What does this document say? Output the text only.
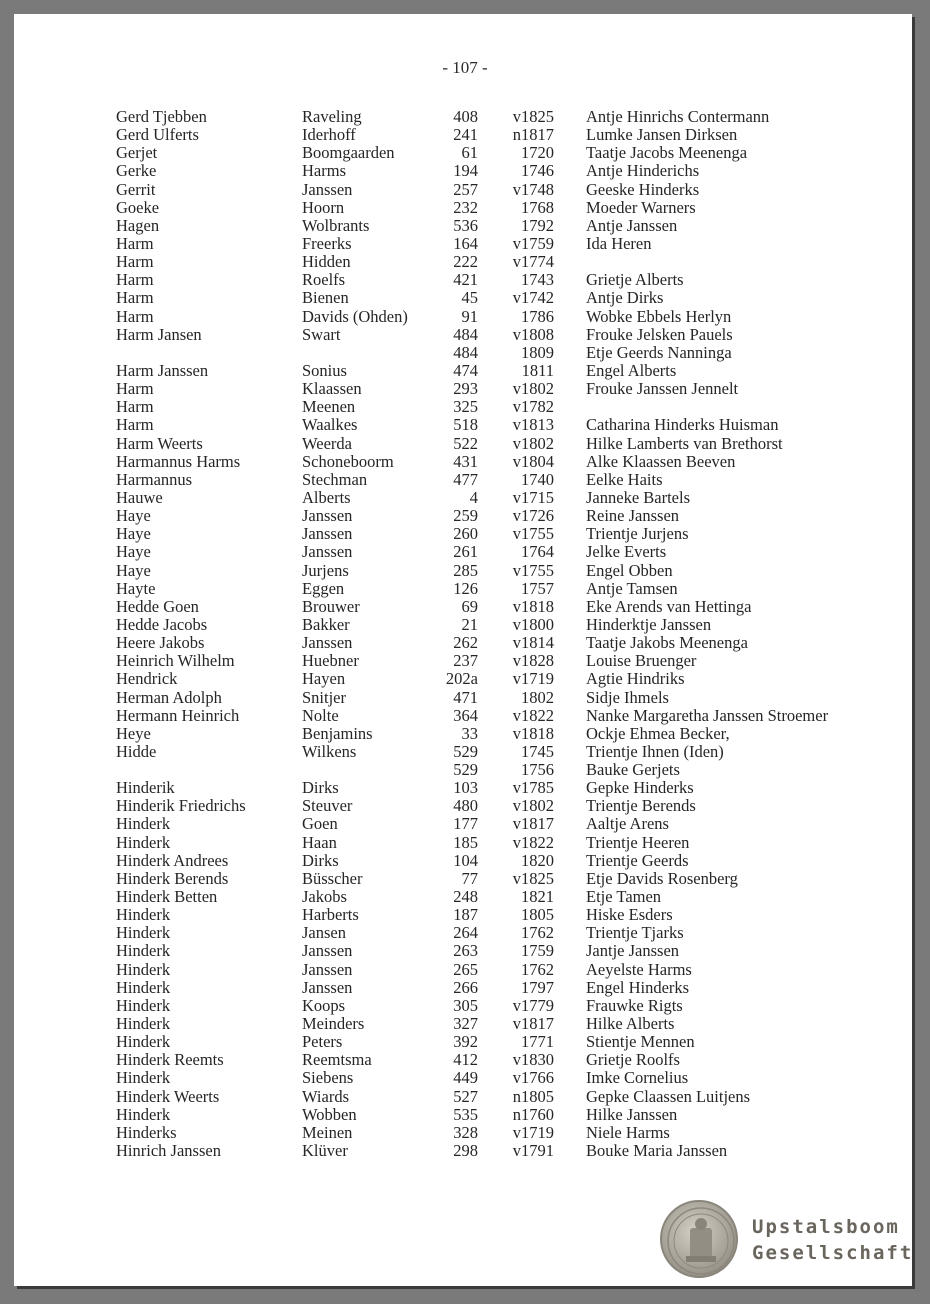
- 107 -
Gerd Tjebben	Raveling	408	v1825 Antje Hinrichs Contermann
Gerd Ulferts	Iderhoff	241	n1817 Lumke Jansen Dirksen
Gerjet	Boomgaarden	61	1720 Taatje Jacobs Meenenga
Gerke	Harms	194	1746 Antje Hinderichs
Gerrit	Janssen	257	v1748 Geeske Hinderks
Goeke	Hoorn	232	1768 Moeder Warners
Hagen	Wolbrants	536	1792 Antje Janssen
Harm	Freerks	164	v1759 Ida Heren
Harm	Hidden	222	v1774
Harm	Roelfs	421	1743 Grietje Alberts
Harm	Bienen	45	v1742 Antje Dirks
Harm	Davids (Ohden)	91	1786 Wobke Ebbels Herlyn
Harm Jansen	Swart	484	v1808 Frouke Jelsken Pauels
484	1809 Etje Geerds Nanninga
Harm Janssen	Sonius	474	1811 Engel Alberts
Harm	Klaassen	293	v1802 Frouke Janssen Jennelt
Harm	Meenen	325	v1782
Harm	Waalkes	518	v1813 Catharina Hinderks Huisman
Harm Weerts	Weerda	522	v1802 Hilke Lamberts van Brethorst
Harmannus Harms	Schoneboorm	431	v1804 Alke Klaassen Beeven
Harmannus	Stechman	477	1740 Eelke Haits
Hauwe	Alberts	4	v1715 Janneke Bartels
Haye	Janssen	259	v1726 Reine Janssen
Haye	Janssen	260	v1755 Trientje Jurjens
Haye	Janssen	261	1764 Jelke Everts
Haye	Jurjens	285	v1755 Engel Obben
Hayte	Eggen	126	1757 Antje Tamsen
Hedde Goen	Brouwer	69	v1818 Eke Arends van Hettinga
Hedde Jacobs	Bakker	21	v1800 Hinderktje Janssen
Heere Jakobs	Janssen	262	v1814 Taatje Jakobs Meenenga
Heinrich Wilhelm	Huebner	237	v1828 Louise Bruenger
Hendrick	Hayen	202a	v1719 Agtie Hindriks
Herman Adolph	Snitjer	471	1802 Sidje Ihmels
Hermann Heinrich	Nolte	364	v1822 Nanke Margaretha Janssen Stroemer
Heye	Benjamins	33	v1818 Ockje Ehmea Becker,
Hidde	Wilkens	529	1745 Trientje Ihnen (Iden)
529	1756 Bauke Gerjets
Hinderik	Dirks	103	v1785 Gepke Hinderks
Hinderik Friedrichs	Steuver	480	v1802 Trientje Berends
Hinderk	Goen	177	v1817 Aaltje Arens
Hinderk	Haan	185	v1822 Trientje Heeren
Hinderk Andrees	Dirks	104	1820 Trientje Geerds
Hinderk Berends	Büsscher	77	v1825 Etje Davids Rosenberg
Hinderk Betten	Jakobs	248	1821 Etje Tamen
Hinderk	Harberts	187	1805 Hiske Esders
Hinderk	Jansen	264	1762 Trientje Tjarks
Hinderk	Janssen	263	1759 Jantje Janssen
Hinderk	Janssen	265	1762 Aeyelste Harms
Hinderk	Janssen	266	1797 Engel Hinderks
Hinderk	Koops	305	v1779 Frauwke Rigts
Hinderk	Meinders	327	v1817 Hilke Alberts
Hinderk	Peters	392	1771 Stientje Mennen
Hinderk Reemts	Reemtsma	412	v1830 Grietje Roolfs
Hinderk	Siebens	449	v1766 Imke Cornelius
Hinderk Weerts	Wiards	527	n1805 Gepke Claassen Luitjens
Hinderk	Wobben	535	n1760 Hilke Janssen
Hinderks	Meinen	328	v1719 Niele Harms
Hinrich Janssen	Klüver	298	v1791 Bouke Maria Janssen
Upstalsboom
Gesellschaft
